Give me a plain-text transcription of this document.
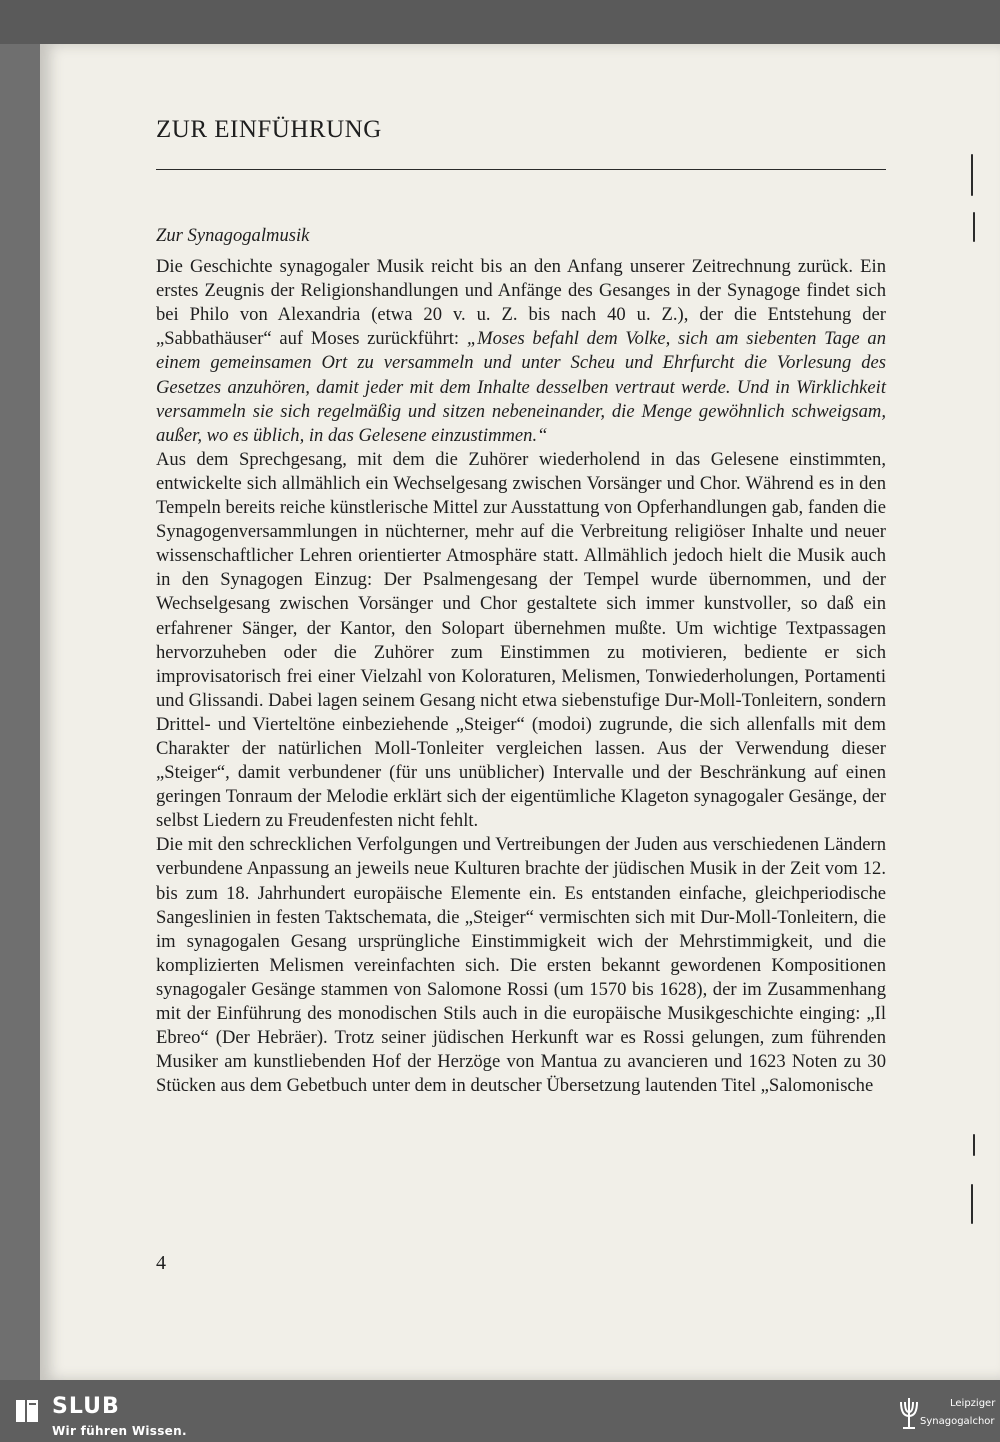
ZUR EINFÜHRUNG

Zur Synagogalmusik

Die Geschichte synagogaler Musik reicht bis an den Anfang unserer Zeitrechnung zurück. Ein erstes Zeugnis der Religionshandlungen und Anfänge des Gesanges in der Synagoge findet sich bei Philo von Alexandria (etwa 20 v. u. Z. bis nach 40 u. Z.), der die Entstehung der „Sabbathäuser“ auf Moses zurückführt: „Moses befahl dem Volke, sich am siebenten Tage an einem gemeinsamen Ort zu versammeln und unter Scheu und Ehrfurcht die Vorlesung des Gesetzes anzuhören, damit jeder mit dem Inhalte desselben vertraut werde. Und in Wirklichkeit versammeln sie sich regelmäßig und sitzen nebeneinander, die Menge gewöhnlich schweigsam, außer, wo es üblich, in das Gelesene einzustimmen.“

Aus dem Sprechgesang, mit dem die Zuhörer wiederholend in das Gelesene einstimmten, entwickelte sich allmählich ein Wechselgesang zwischen Vorsänger und Chor. Während es in den Tempeln bereits reiche künstlerische Mittel zur Ausstattung von Opferhandlungen gab, fanden die Synagogenversammlungen in nüchterner, mehr auf die Verbreitung religiöser Inhalte und neuer wissenschaftlicher Lehren orientierter Atmosphäre statt. Allmählich jedoch hielt die Musik auch in den Synagogen Einzug: Der Psalmengesang der Tempel wurde übernommen, und der Wechselgesang zwischen Vorsänger und Chor gestaltete sich immer kunstvoller, so daß ein erfahrener Sänger, der Kantor, den Solopart übernehmen mußte. Um wichtige Textpassagen hervorzuheben oder die Zuhörer zum Einstimmen zu motivieren, bediente er sich improvisatorisch frei einer Vielzahl von Koloraturen, Melismen, Tonwiederholungen, Portamenti und Glissandi. Dabei lagen seinem Gesang nicht etwa siebenstufige Dur-Moll-Tonleitern, sondern Drittel- und Vierteltöne einbeziehende „Steiger“ (modoi) zugrunde, die sich allenfalls mit dem Charakter der natürlichen Moll-Tonleiter vergleichen lassen. Aus der Verwendung dieser „Steiger“, damit verbundener (für uns unüblicher) Intervalle und der Beschränkung auf einen geringen Tonraum der Melodie erklärt sich der eigentümliche Klageton synagogaler Gesänge, der selbst Liedern zu Freudenfesten nicht fehlt.

Die mit den schrecklichen Verfolgungen und Vertreibungen der Juden aus verschiedenen Ländern verbundene Anpassung an jeweils neue Kulturen brachte der jüdischen Musik in der Zeit vom 12. bis zum 18. Jahrhundert europäische Elemente ein. Es entstanden einfache, gleichperiodische Sangeslinien in festen Taktschemata, die „Steiger“ vermischten sich mit Dur-Moll-Tonleitern, die im synagogalen Gesang ursprüngliche Einstimmigkeit wich der Mehrstimmigkeit, und die komplizierten Melismen vereinfachten sich. Die ersten bekannt gewordenen Kompositionen synagogaler Gesänge stammen von Salomone Rossi (um 1570 bis 1628), der im Zusammenhang mit der Einführung des monodischen Stils auch in die europäische Musikgeschichte einging: „Il Ebreo“ (Der Hebräer). Trotz seiner jüdischen Herkunft war es Rossi gelungen, zum führenden Musiker am kunstliebenden Hof der Herzöge von Mantua zu avancieren und 1623 Noten zu 30 Stücken aus dem Gebetbuch unter dem in deutscher Übersetzung lautenden Titel „Salomonische

4
SLUB
Wir führen Wissen.
Leipziger
Synagogalchor
